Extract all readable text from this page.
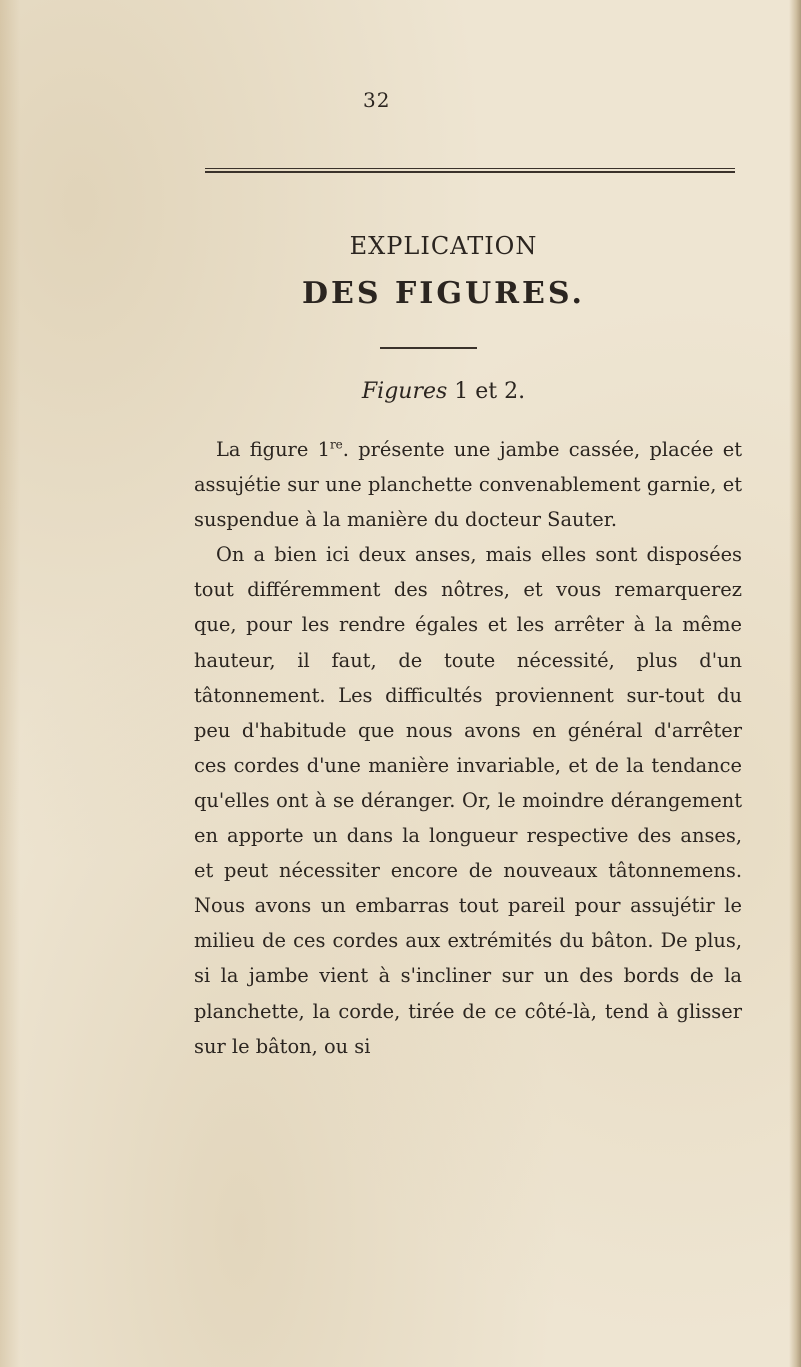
32
EXPLICATION
DES FIGURES.
Figures 1 et 2.

La figure 1re. présente une jambe cassée, placée et assujétie sur une planchette convenablement garnie, et suspendue à la manière du docteur Sauter.

On a bien ici deux anses, mais elles sont disposées tout différemment des nôtres, et vous remarquerez que, pour les rendre égales et les arrêter à la même hauteur, il faut, de toute nécessité, plus d'un tâtonnement. Les difficultés proviennent sur-tout du peu d'habitude que nous avons en général d'arrêter ces cordes d'une manière invariable, et de la tendance qu'elles ont à se déranger. Or, le moindre dérangement en apporte un dans la longueur respective des anses, et peut nécessiter encore de nouveaux tâtonnemens. Nous avons un embarras tout pareil pour assujétir le milieu de ces cordes aux extrémités du bâton. De plus, si la jambe vient à s'incliner sur un des bords de la planchette, la corde, tirée de ce côté-là, tend à glisser sur le bâton, ou si
